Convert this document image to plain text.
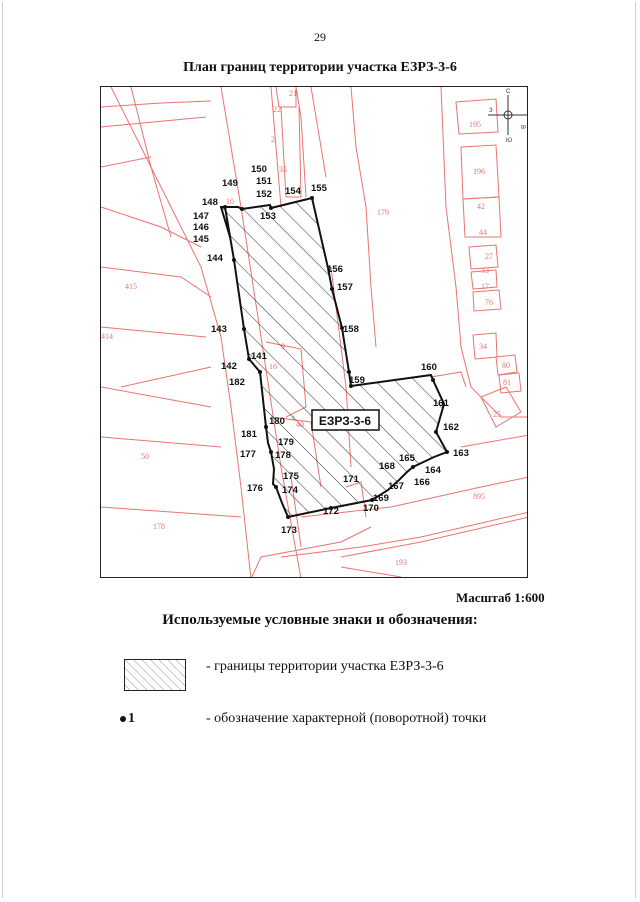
29
План границ территории участка ЕЗРЗ-3-6
21
22
2
35
179
195
196
42
44
27
33
17
76
34
80
81
25
415
414
50
178
895
193
10
С
Ю
З
В
ЕЗРЗ-3-6
144
143
142
141
182
180
181
177
179
178
176
175
174
173
172	170
169
171
168
167 166
165
164
163
162
161
160
159
158
157
156
155
154
153
152
151
150
149
148
147
146
145
Масштаб 1:600
Используемые условные знаки и обозначения:
- границы территории участка ЕЗРЗ-3-6
1	- обозначение характерной (поворотной) точки
